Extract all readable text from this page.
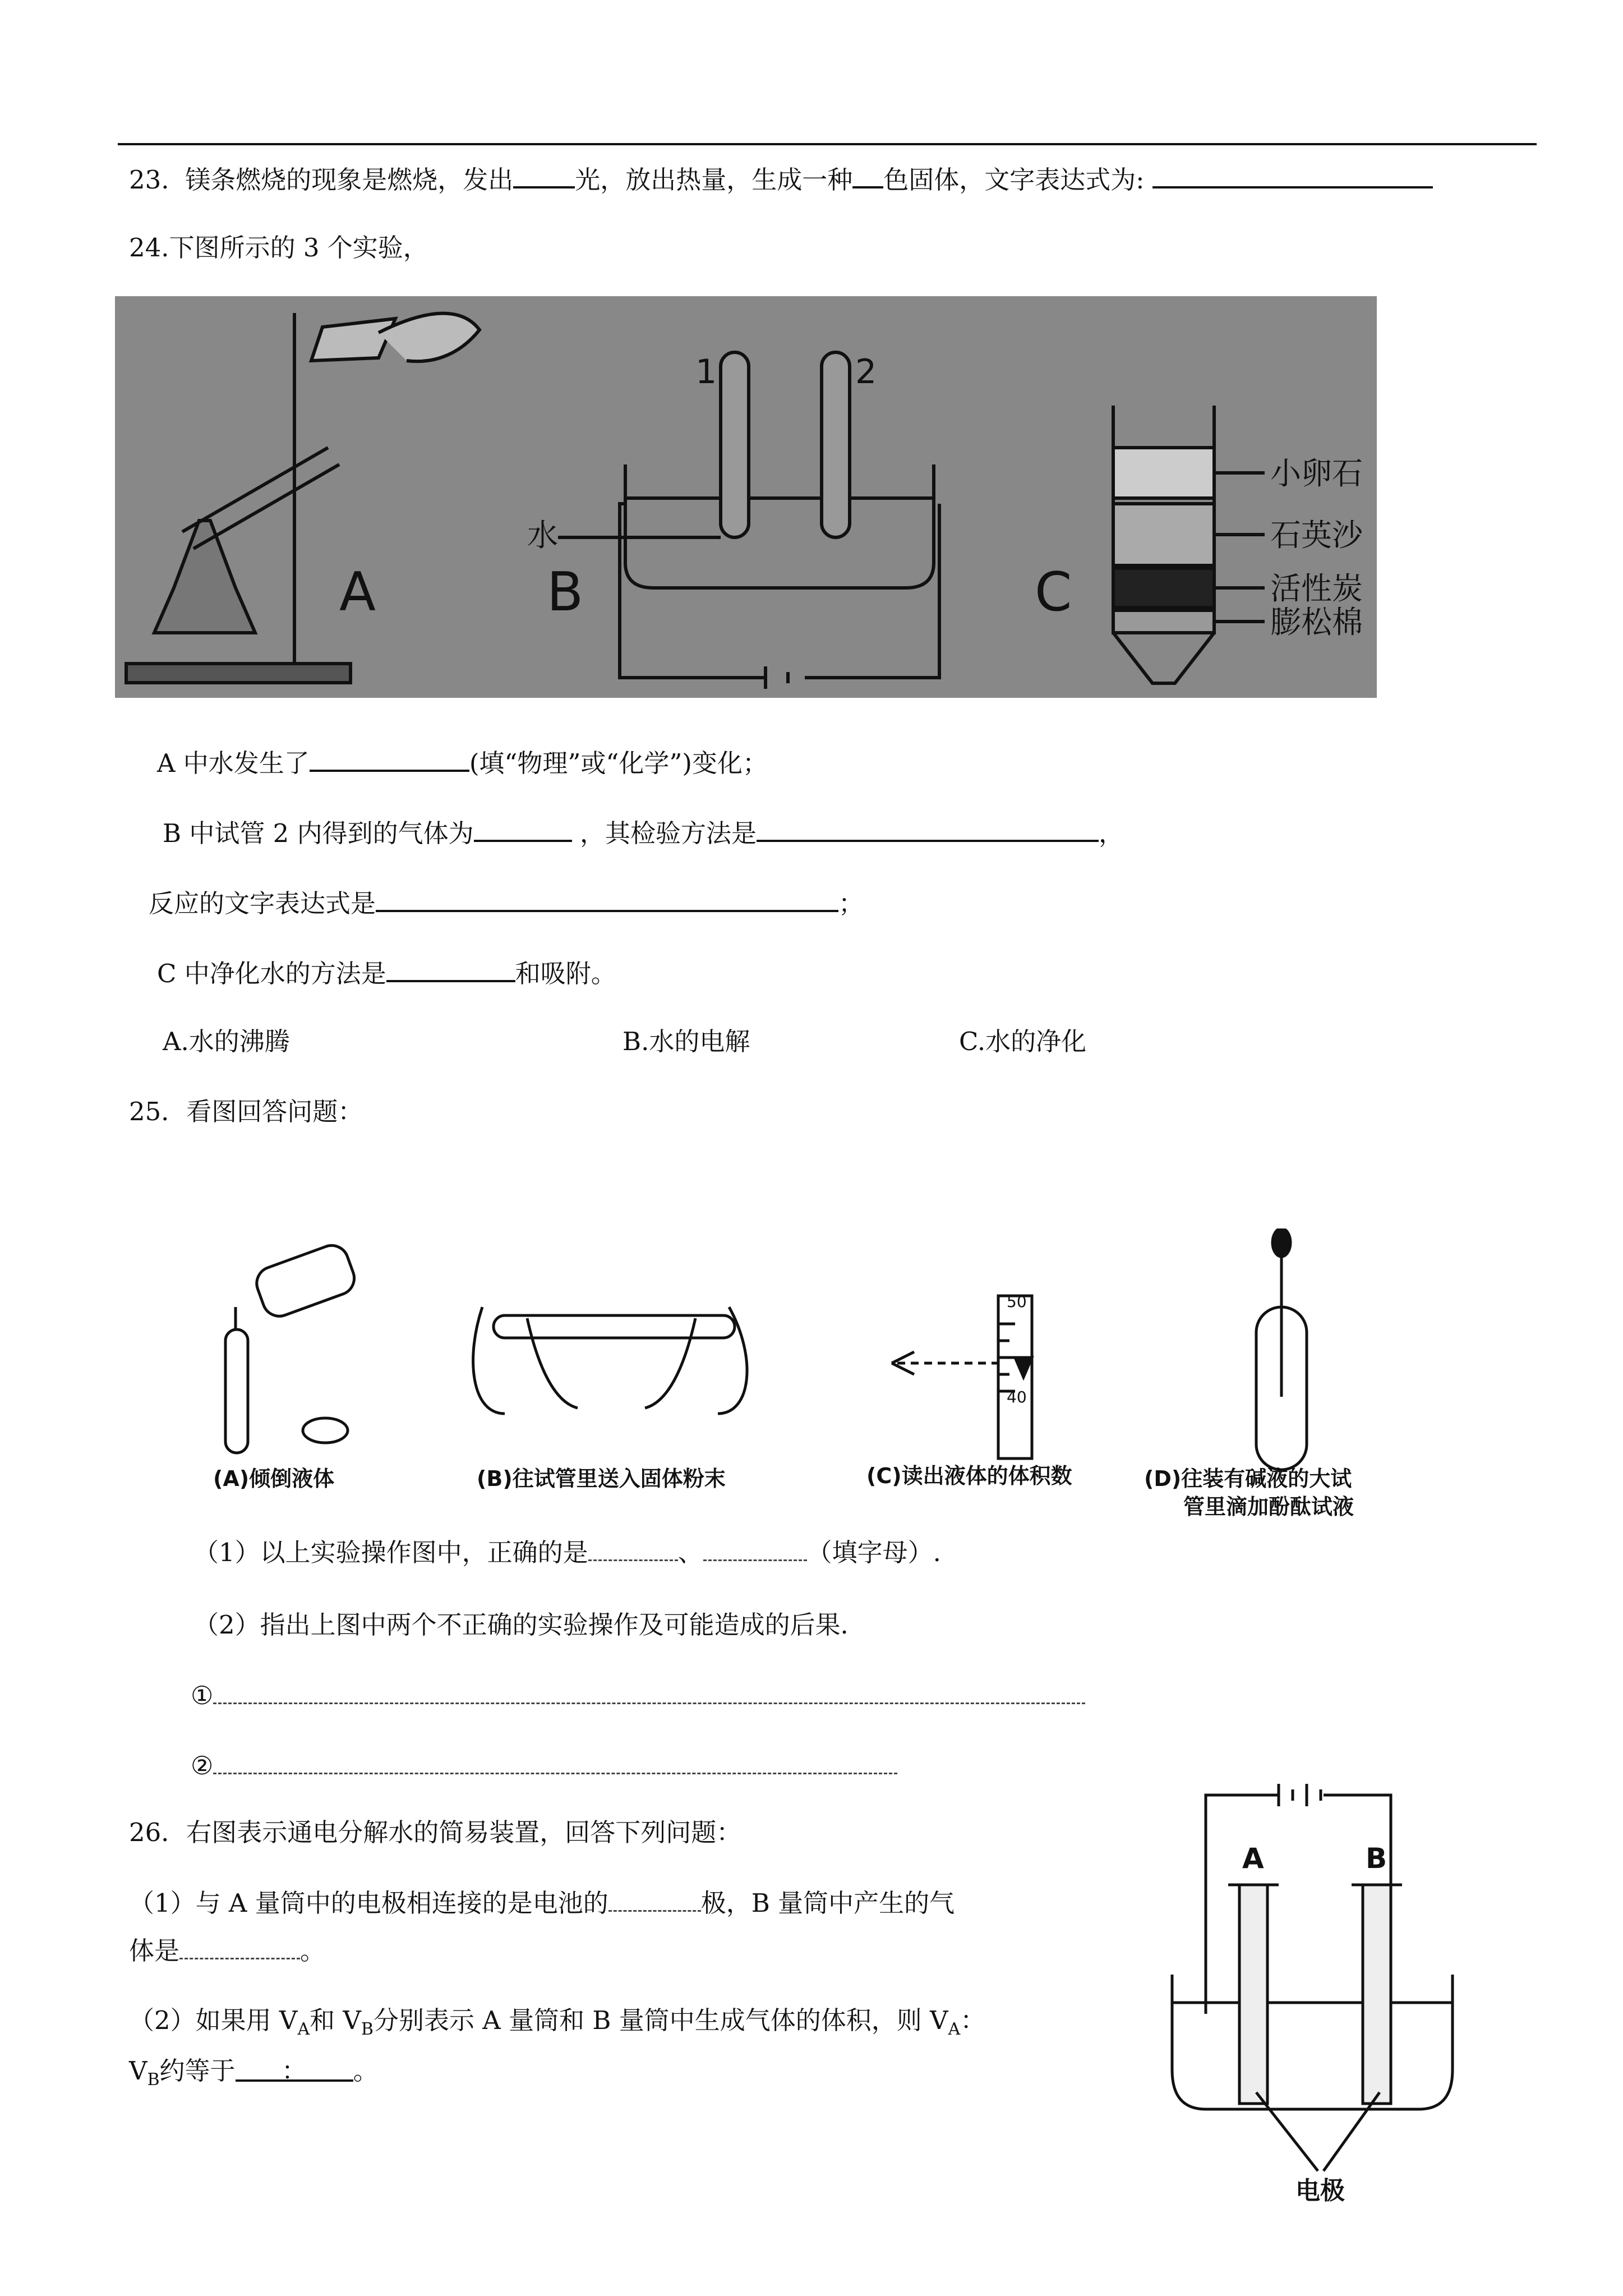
23. 镁条燃烧的现象是燃烧，发出 光，放出热量，生成一种 色固体，文字表达式为:
24.下图所示的 3 个实验，
A	B	C
1	2
水
小卵石
石英沙
活性炭
膨松棉
A 中水发生了	(填“物理”或“化学”)变化；
B 中试管 2 内得到的气体为	，其检验方法是	，
反应的文字表达式是	；
C 中净化水的方法是	和吸附。
A.水的沸腾	B.水的电解	C.水的净化
25．看图回答问题：
50
40
(A)倾倒液体	(B)往试管里送入固体粉末	(C)读出液体的体积数	(D)往装有碱液的大试
管里滴加酚酞试液
（1）以上实验操作图中，正确的是	、	（填字母）.
（2）指出上图中两个不正确的实验操作及可能造成的后果．
①
②
26．右图表示通电分解水的简易装置，回答下列问题：
（1）与 A 量筒中的电极相连接的是电池的	极，B 量筒中产生的气
体是	。
（2）如果用 $V_A$和 $V_B$分别表示 A 量筒和 B 量筒中生成气体的体积，则 $V_A$：
$V_B$约等于 ： 。
A	B
电极
